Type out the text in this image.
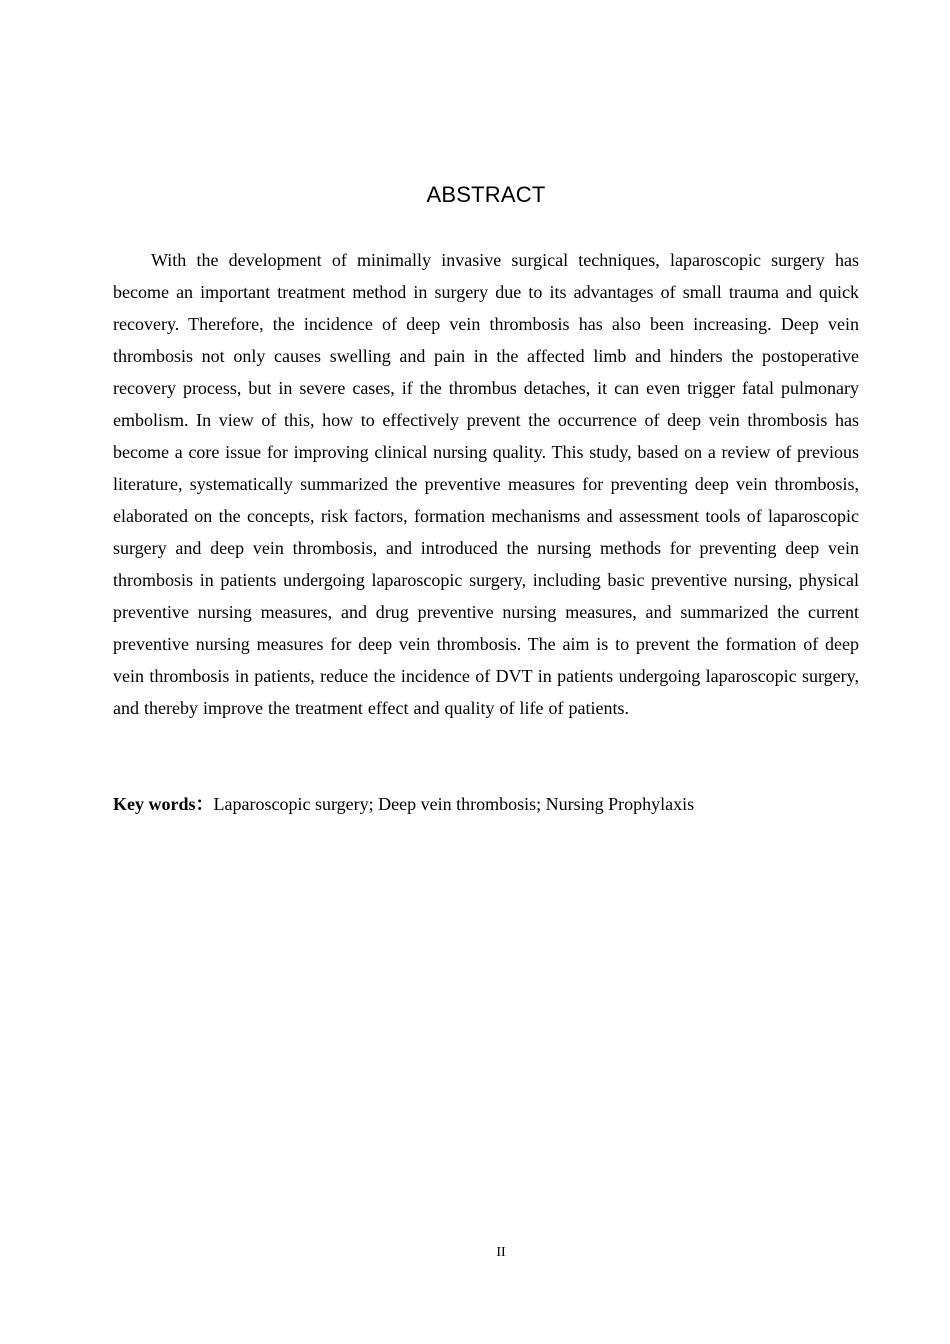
ABSTRACT

With the development of minimally invasive surgical techniques, laparoscopic surgery has become an important treatment method in surgery due to its advantages of small trauma and quick recovery. Therefore, the incidence of deep vein thrombosis has also been increasing. Deep vein thrombosis not only causes swelling and pain in the affected limb and hinders the postoperative recovery process, but in severe cases, if the thrombus detaches, it can even trigger fatal pulmonary embolism. In view of this, how to effectively prevent the occurrence of deep vein thrombosis has become a core issue for improving clinical nursing quality. This study, based on a review of previous literature, systematically summarized the preventive measures for preventing deep vein thrombosis, elaborated on the concepts, risk factors, formation mechanisms and assessment tools of laparoscopic surgery and deep vein thrombosis, and introduced the nursing methods for preventing deep vein thrombosis in patients undergoing laparoscopic surgery, including basic preventive nursing, physical preventive nursing measures, and drug preventive nursing measures, and summarized the current preventive nursing measures for deep vein thrombosis. The aim is to prevent the formation of deep vein thrombosis in patients, reduce the incidence of DVT in patients undergoing laparoscopic surgery, and thereby improve the treatment effect and quality of life of patients.

Key words：Laparoscopic surgery; Deep vein thrombosis; Nursing Prophylaxis

II
